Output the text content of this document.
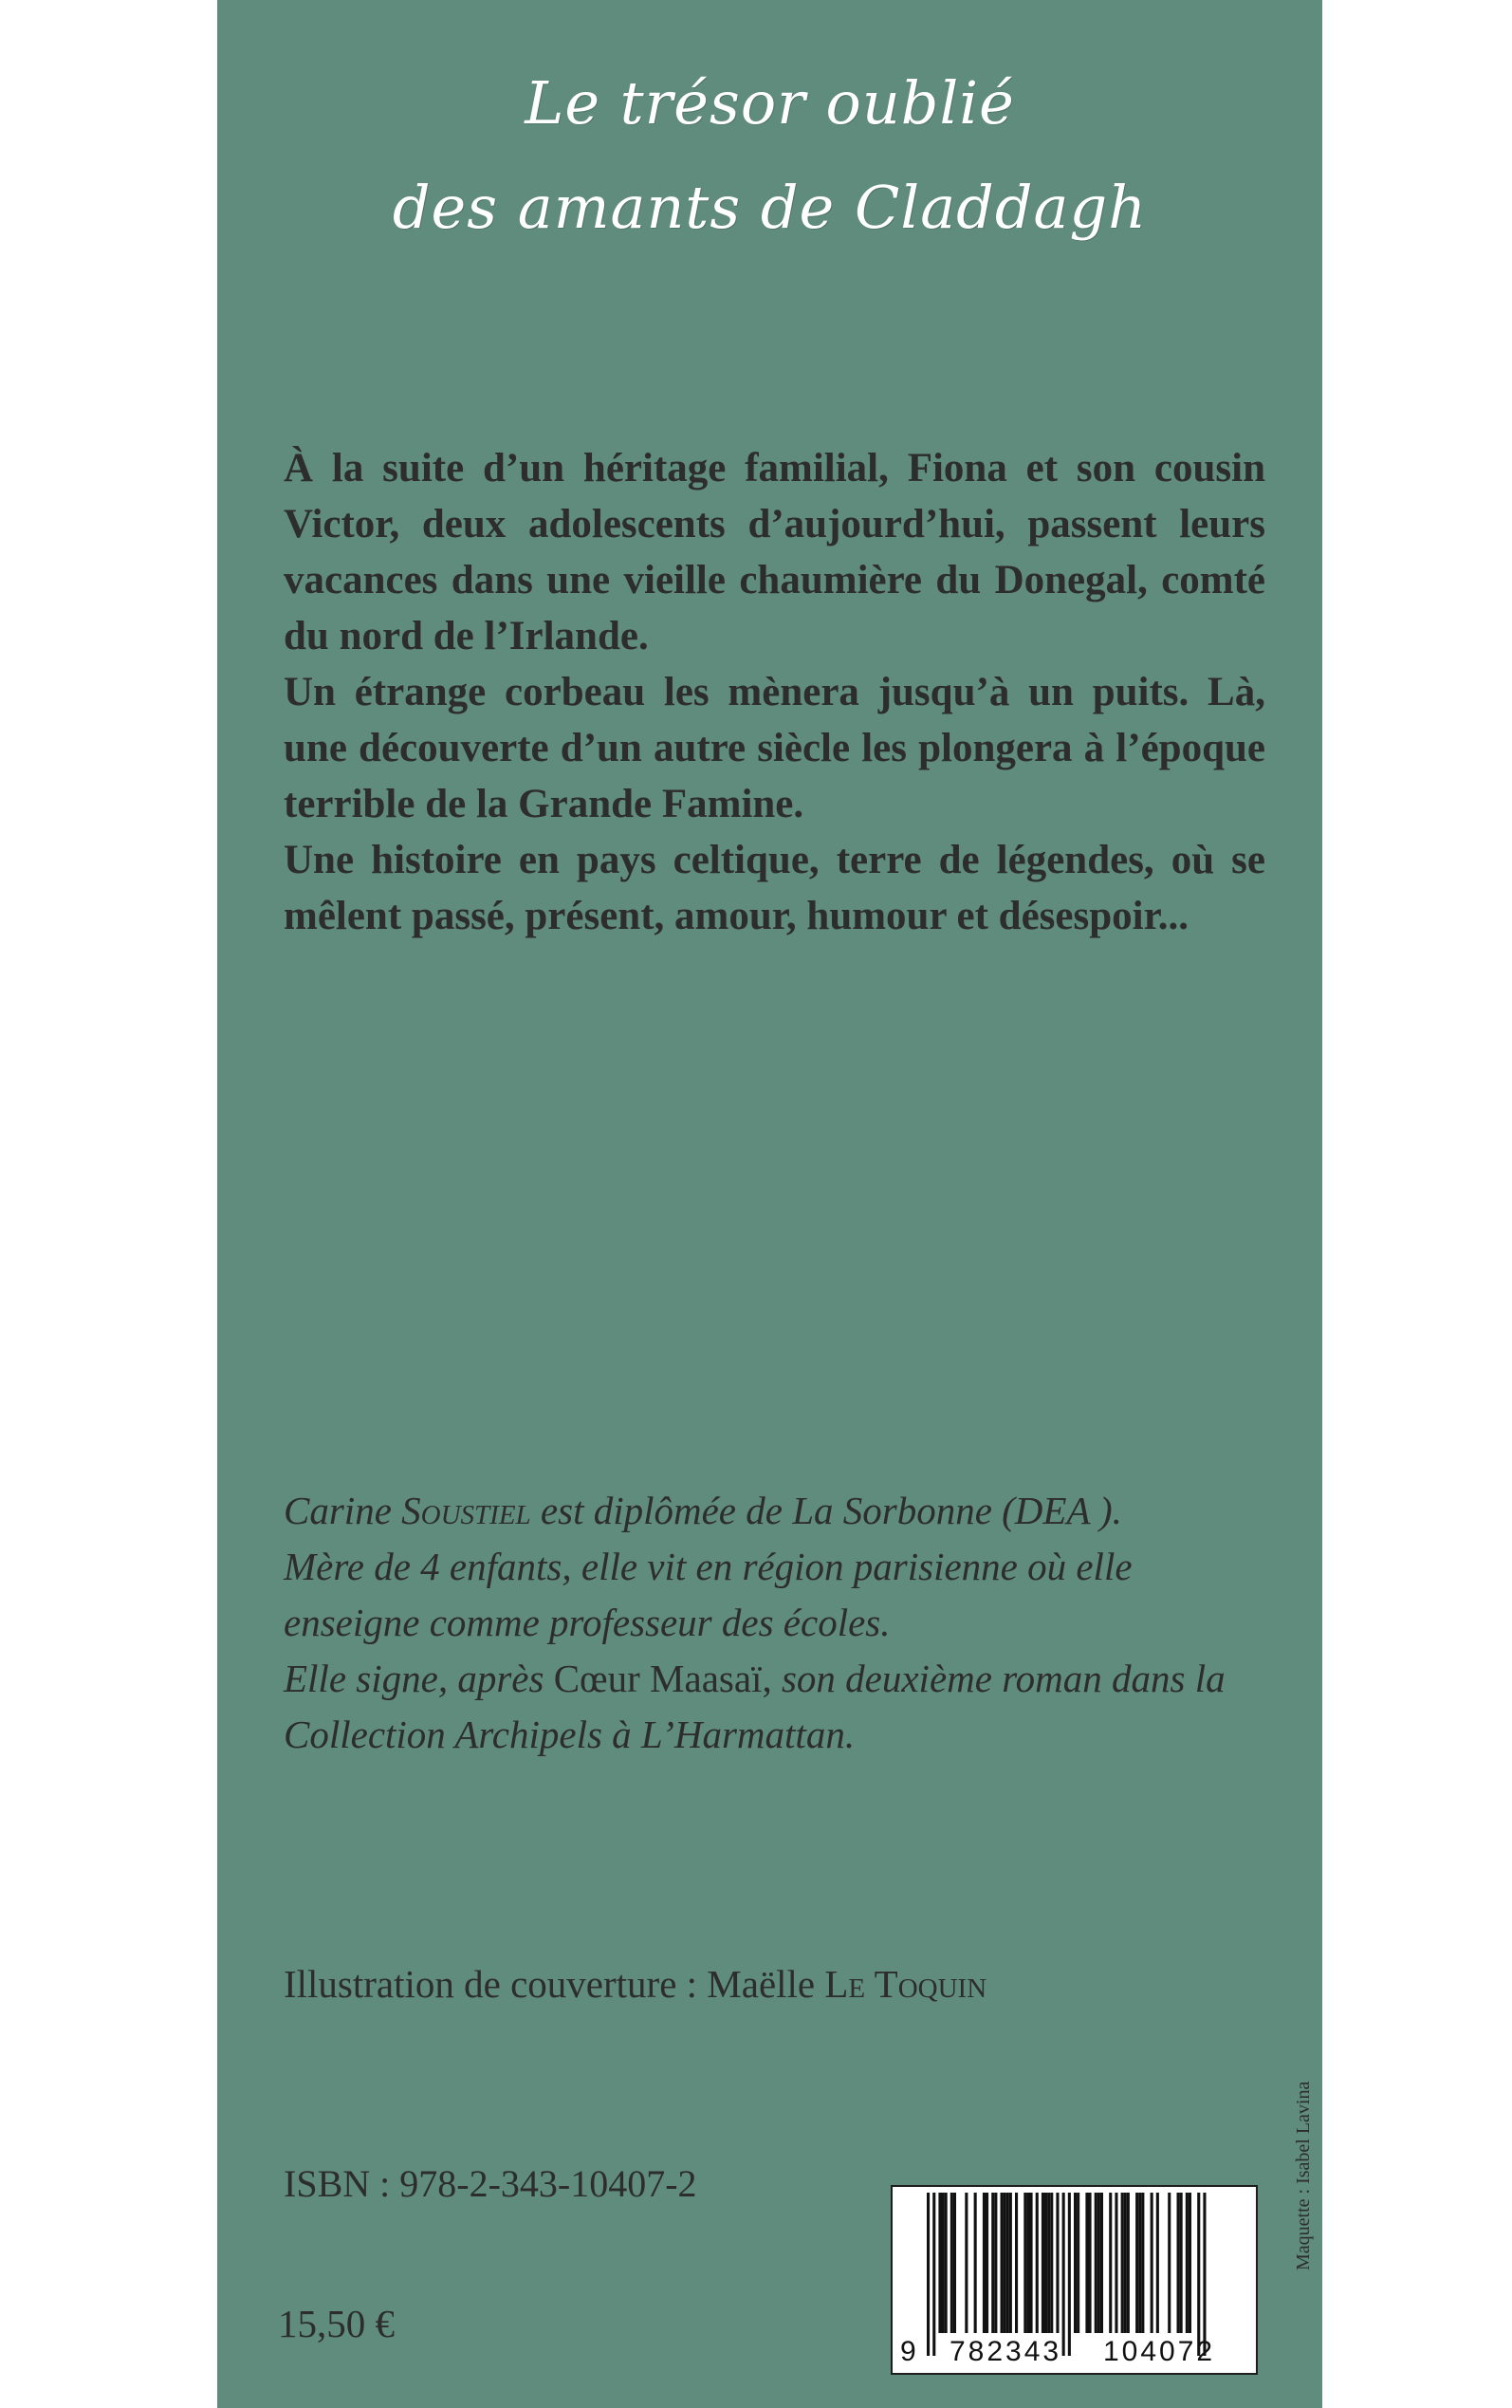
Le trésor oublié
des amants de Claddagh

À la suite d’un héritage familial, Fiona et son cousin Victor, deux adolescents d’aujourd’hui, passent leurs vacances dans une vieille chaumière du Donegal, comté du nord de l’Irlande.

Un étrange corbeau les mènera jusqu’à un puits. Là, une découverte d’un autre siècle les plongera à l’époque terrible de la Grande Famine.

Une histoire en pays celtique, terre de légendes, où se mêlent passé, présent, amour, humour et désespoir...

Carine Soustiel est diplômée de La Sorbonne (DEA ).

Mère de 4 enfants, elle vit en région parisienne où elle enseigne comme professeur des écoles.

Elle signe, après Cœur Maasaï, son deuxième roman dans la Collection Archipels à L’Harmattan.

Illustration de couverture : Maëlle Le Toquin
ISBN : 978-2-343-10407-2
15,50 €
9 782343 104072
Maquette : Isabel Lavina
